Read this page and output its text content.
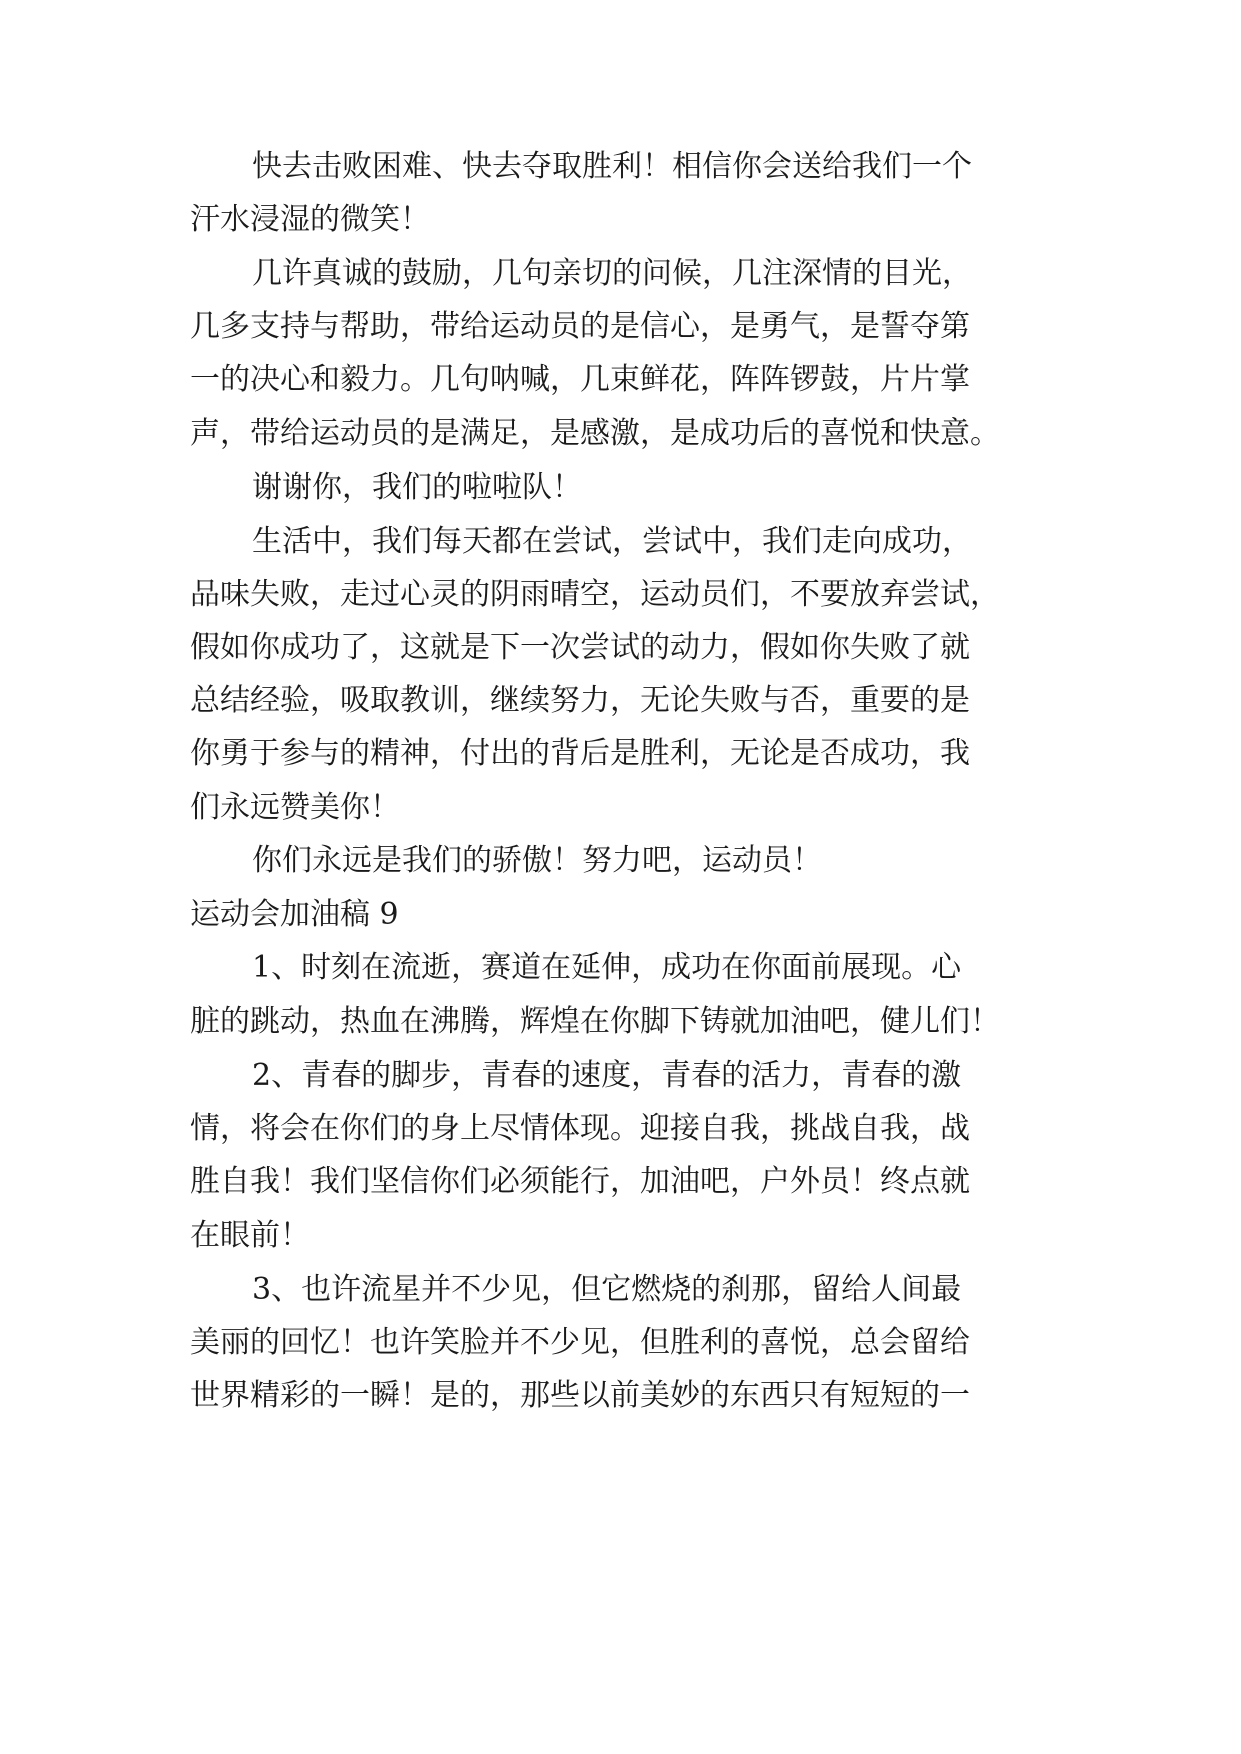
快去击败困难、快去夺取胜利！相信你会送给我们一个
汗水浸湿的微笑！
几许真诚的鼓励，几句亲切的问候，几注深情的目光，
几多支持与帮助，带给运动员的是信心，是勇气，是誓夺第
一的决心和毅力。几句呐喊，几束鲜花，阵阵锣鼓，片片掌
声，带给运动员的是满足，是感激，是成功后的喜悦和快意。
谢谢你，我们的啦啦队！
生活中，我们每天都在尝试，尝试中，我们走向成功，
品味失败，走过心灵的阴雨晴空，运动员们，不要放弃尝试，
假如你成功了，这就是下一次尝试的动力，假如你失败了就
总结经验，吸取教训，继续努力，无论失败与否，重要的是
你勇于参与的精神，付出的背后是胜利，无论是否成功，我
们永远赞美你！
你们永远是我们的骄傲！努力吧，运动员！
运动会加油稿 9
1、时刻在流逝，赛道在延伸，成功在你面前展现。心
脏的跳动，热血在沸腾，辉煌在你脚下铸就加油吧，健儿们！
2、青春的脚步，青春的速度，青春的活力，青春的激
情，将会在你们的身上尽情体现。迎接自我，挑战自我，战
胜自我！我们坚信你们必须能行，加油吧，户外员！终点就
在眼前！
3、也许流星并不少见，但它燃烧的刹那，留给人间最
美丽的回忆！也许笑脸并不少见，但胜利的喜悦，总会留给
世界精彩的一瞬！是的，那些以前美妙的东西只有短短的一
